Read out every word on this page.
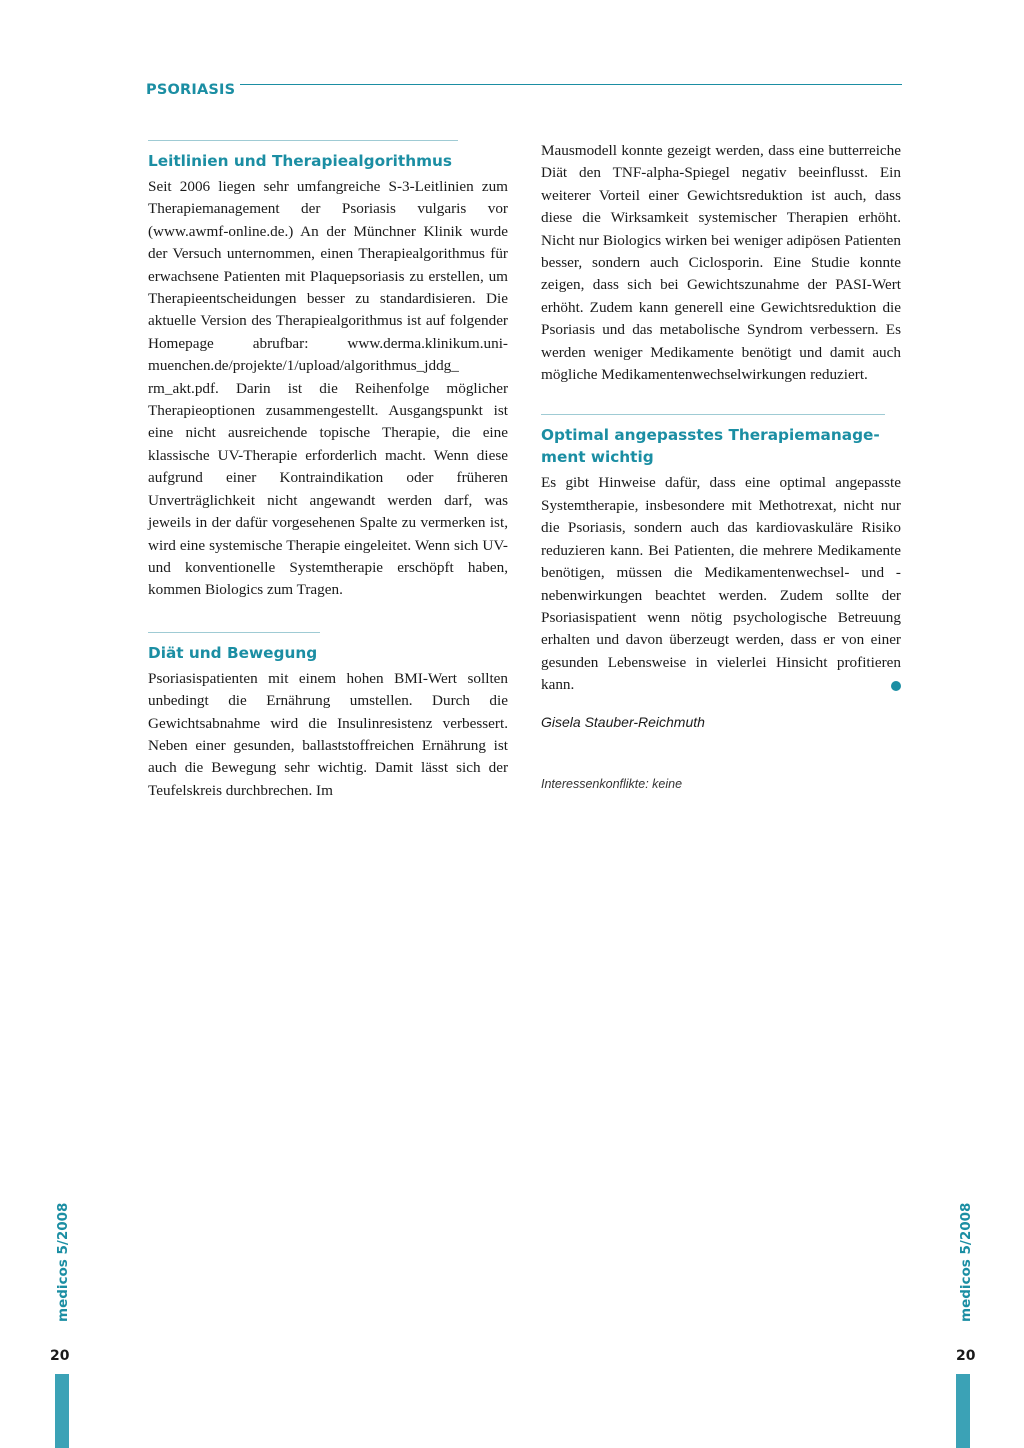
PSORIASIS
Leitlinien und Therapiealgorithmus

Seit 2006 liegen sehr umfangreiche S-3-Leitlinien zum Therapiemanagement der Psoriasis vulgaris vor (www.awmf-online.de.) An der Münchner Klinik wurde der Versuch unternommen, einen Therapiealgorithmus für erwachsene Patienten mit Plaquepsoriasis zu erstellen, um Therapieentscheidungen besser zu standardisieren. Die aktuelle Version des Therapiealgorithmus ist auf folgender Homepage abrufbar: www.derma.klinikum.uni-muenchen.de/projekte/1/upload/algorithmus_jddg_ rm_akt.pdf. Darin ist die Reihenfolge möglicher Therapieoptionen zusammengestellt. Ausgangspunkt ist eine nicht ausreichende topische Therapie, die eine klassische UV-Therapie erforderlich macht. Wenn diese aufgrund einer Kontraindikation oder früheren Unverträglichkeit nicht angewandt werden darf, was jeweils in der dafür vorgesehenen Spalte zu vermerken ist, wird eine systemische Therapie eingeleitet. Wenn sich UV- und konventionelle Systemtherapie erschöpft haben, kommen Biologics zum Tragen.

Diät und Bewegung

Psoriasispatienten mit einem hohen BMI-Wert sollten unbedingt die Ernährung umstellen. Durch die Gewichtsabnahme wird die Insulinresistenz verbessert. Neben einer gesunden, ballaststoffreichen Ernährung ist auch die Bewegung sehr wichtig. Damit lässt sich der Teufelskreis durchbrechen. Im

Mausmodell konnte gezeigt werden, dass eine butterreiche Diät den TNF-alpha-Spiegel negativ beeinflusst. Ein weiterer Vorteil einer Gewichtsreduktion ist auch, dass diese die Wirksamkeit systemischer Therapien erhöht. Nicht nur Biologics wirken bei weniger adipösen Patienten besser, sondern auch Ciclosporin. Eine Studie konnte zeigen, dass sich bei Gewichtszunahme der PASI-Wert erhöht. Zudem kann generell eine Gewichtsreduktion die Psoriasis und das metabolische Syndrom verbessern. Es werden weniger Medikamente benötigt und damit auch mögliche Medikamentenwechselwirkungen reduziert.

Optimal angepasstes Therapiemanage- ment wichtig

Es gibt Hinweise dafür, dass eine optimal angepasste Systemtherapie, insbesondere mit Methotrexat, nicht nur die Psoriasis, sondern auch das kardiovaskuläre Risiko reduzieren kann. Bei Patienten, die mehrere Medikamente benötigen, müssen die Medikamentenwechsel- und -nebenwirkungen beachtet werden. Zudem sollte der Psoriasispatient wenn nötig psychologische Betreuung erhalten und davon überzeugt werden, dass er von einer gesunden Lebensweise in vielerlei Hinsicht profitieren kann.

Gisela Stauber-Reichmuth
Interessenkonflikte: keine
medicos 5/2008	medicos 5/2008
20	20
